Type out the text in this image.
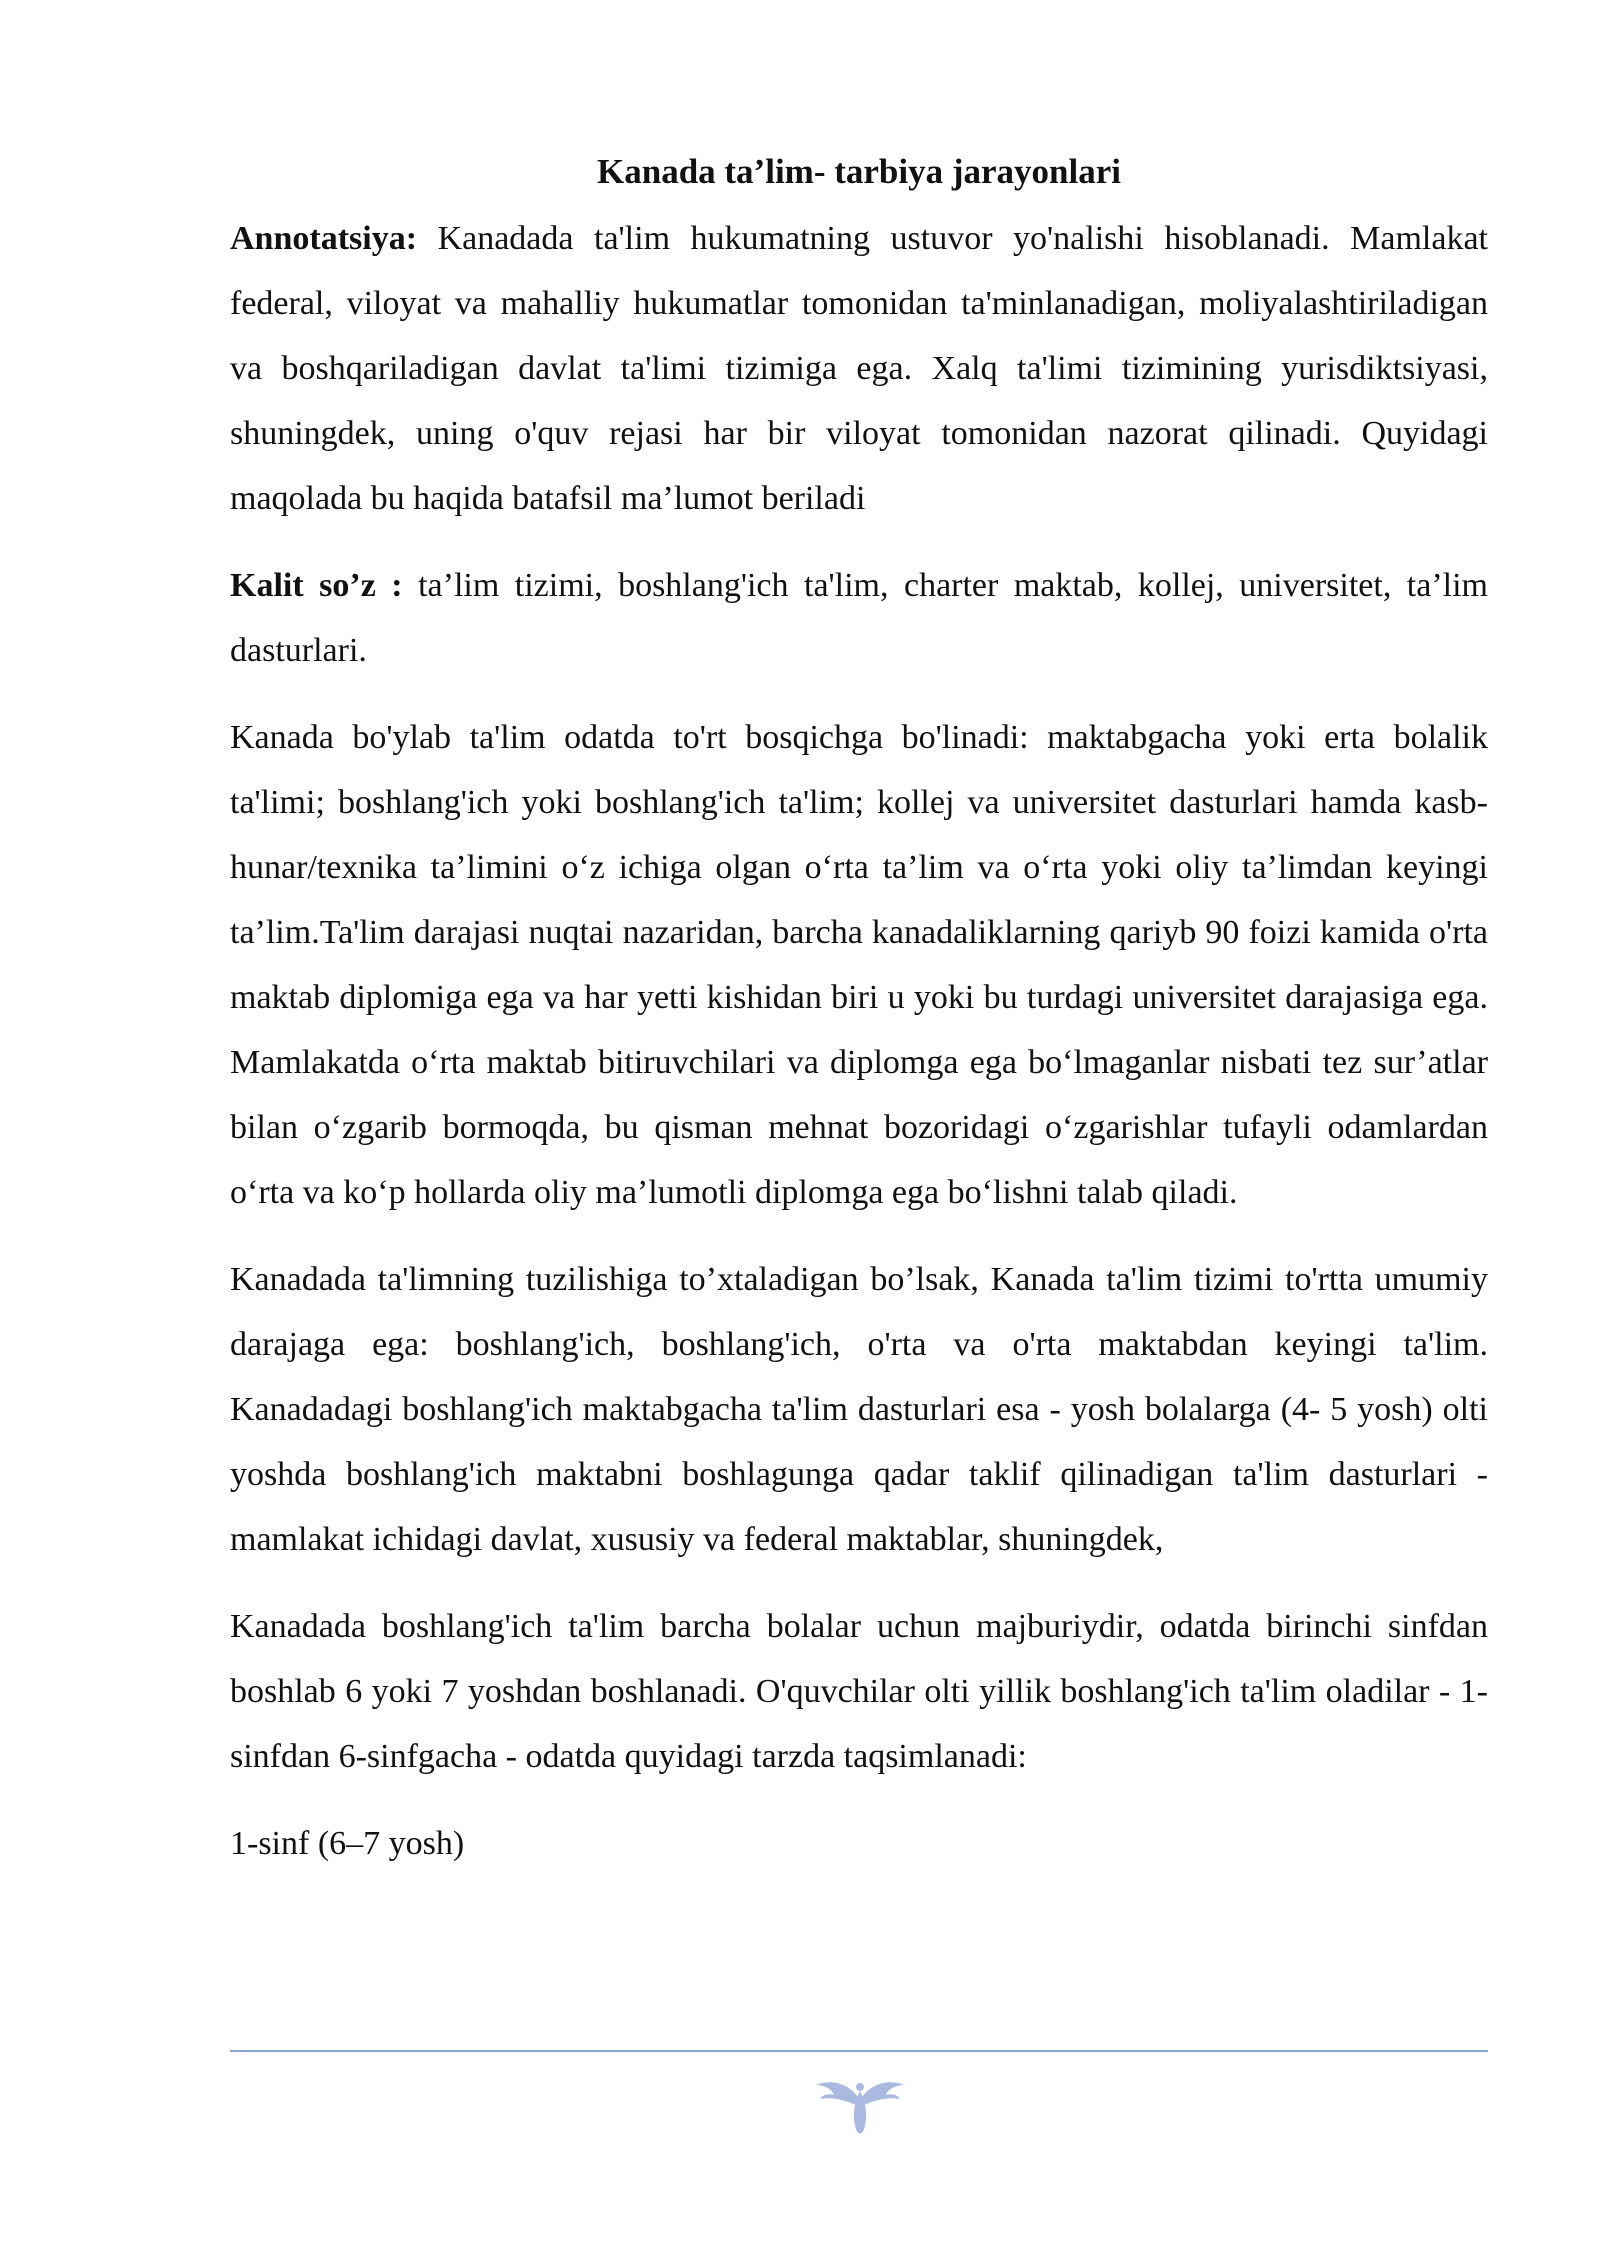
Kanada ta’lim- tarbiya jarayonlari

Annotatsiya: Kanadada ta'lim hukumatning ustuvor yo'nalishi hisoblanadi. Mamlakat federal, viloyat va mahalliy hukumatlar tomonidan ta'minlanadigan, moliyalashtiriladigan va boshqariladigan davlat ta'limi tizimiga ega. Xalq ta'limi tizimining yurisdiktsiyasi, shuningdek, uning o'quv rejasi har bir viloyat tomonidan nazorat qilinadi. Quyidagi maqolada bu haqida batafsil ma’lumot beriladi

Kalit so’z : ta’lim tizimi, boshlang'ich ta'lim, charter maktab, kollej, universitet, ta’lim dasturlari.

Kanada bo'ylab ta'lim odatda to'rt bosqichga bo'linadi: maktabgacha yoki erta bolalik ta'limi; boshlang'ich yoki boshlang'ich ta'lim; kollej va universitet dasturlari hamda kasb-hunar/texnika ta’limini o‘z ichiga olgan o‘rta ta’lim va o‘rta yoki oliy ta’limdan keyingi ta’lim.Ta'lim darajasi nuqtai nazaridan, barcha kanadaliklarning qariyb 90 foizi kamida o'rta maktab diplomiga ega va har yetti kishidan biri u yoki bu turdagi universitet darajasiga ega. Mamlakatda o‘rta maktab bitiruvchilari va diplomga ega bo‘lmaganlar nisbati tez sur’atlar bilan o‘zgarib bormoqda, bu qisman mehnat bozoridagi o‘zgarishlar tufayli odamlardan o‘rta va ko‘p hollarda oliy ma’lumotli diplomga ega bo‘lishni talab qiladi.

Kanadada ta'limning tuzilishiga to’xtaladigan bo’lsak, Kanada ta'lim tizimi to'rtta umumiy darajaga ega: boshlang'ich, boshlang'ich, o'rta va o'rta maktabdan keyingi ta'lim. Kanadadagi boshlang'ich maktabgacha ta'lim dasturlari esa - yosh bolalarga (4- 5 yosh) olti yoshda boshlang'ich maktabni boshlagunga qadar taklif qilinadigan ta'lim dasturlari - mamlakat ichidagi davlat, xususiy va federal maktablar, shuningdek,

Kanadada boshlang'ich ta'lim barcha bolalar uchun majburiydir, odatda birinchi sinfdan boshlab 6 yoki 7 yoshdan boshlanadi. O'quvchilar olti yillik boshlang'ich ta'lim oladilar - 1-sinfdan 6-sinfgacha - odatda quyidagi tarzda taqsimlanadi:

1-sinf (6–7 yosh)
